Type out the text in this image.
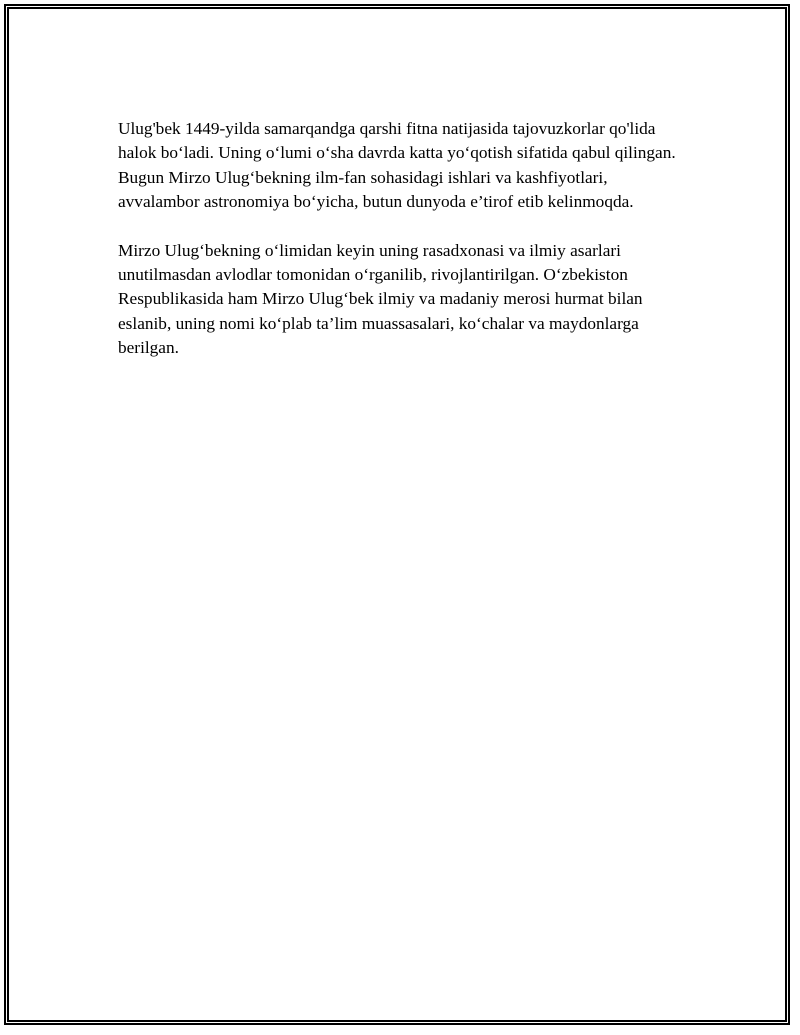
Ulug'bek 1449-yilda samarqandga qarshi fitna natijasida tajovuzkorlar qo'lida halok bo‘ladi. Uning o‘lumi o‘sha davrda katta yo‘qotish sifatida qabul qilingan. Bugun Mirzo Ulug‘bekning ilm-fan sohasidagi ishlari va kashfiyotlari, avvalambor astronomiya bo‘yicha, butun dunyoda e’tirof etib kelinmoqda.

Mirzo Ulug‘bekning o‘limidan keyin uning rasadxonasi va ilmiy asarlari unutilmasdan avlodlar tomonidan o‘rganilib, rivojlantirilgan. O‘zbekiston Respublikasida ham Mirzo Ulug‘bek ilmiy va madaniy merosi hurmat bilan eslanib, uning nomi ko‘plab ta’lim muassasalari, ko‘chalar va maydonlarga berilgan.
